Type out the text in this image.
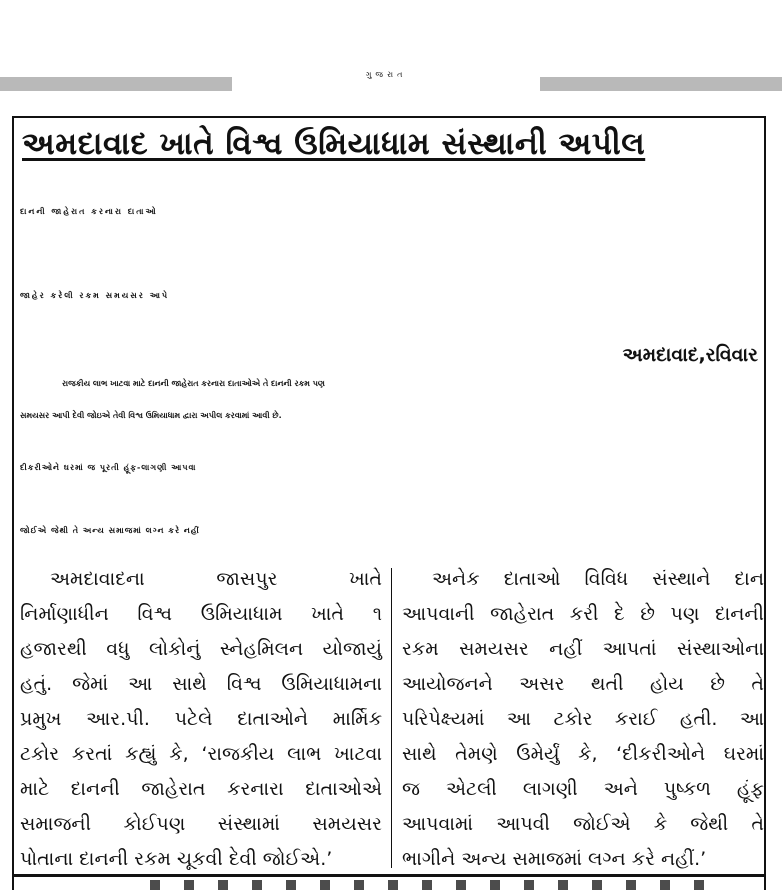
ગુજરાત
અમદાવાદ ખાતે વિશ્વ ઉમિયાધામ સંસ્થાની અપીલ
દાનની જાહેરાત કરનારા દાતાઓ
જાહેર કરેલી રકમ સમયસર આપે
અમદાવાદ,રવિવાર
રાજકીય લાભ ખાટવા માટે દાનની જાહેરાત કરનારા દાતાઓએ તે દાનની રકમ પણ
સમયસર આપી દેવી જોઇએ તેવી વિશ્વ ઉમિયાધામ દ્વારા અપીલ કરવામાં આવી છે.
દીકરીઓને ઘરમાં જ પૂરતી હૂંફ-લાગણી આપવા
જોઈએ જેથી તે અન્ય સમાજમાં લગ્ન કરે નહીં
અમદાવાદના જાસપુર ખાતે
નિર્માણાધીન વિશ્વ ઉમિયાધામ ખાતે ૧
હજારથી વધુ લોકોનું સ્નેહમિલન યોજાયું
હતું. જેમાં આ સાથે વિશ્વ ઉમિયાધામના
પ્રમુખ આર.પી. પટેલે દાતાઓને માર્મિક
ટકોર કરતાં કહ્યું કે, ‘રાજકીય લાભ ખાટવા
માટે દાનની જાહેરાત કરનારા દાતાઓએ
સમાજની કોઈપણ સંસ્થામાં સમયસર
પોતાના દાનની રકમ ચૂકવી દેવી જોઈએ.’
અનેક દાતાઓ વિવિધ સંસ્થાને દાન
આપવાની જાહેરાત કરી દે છે પણ દાનની
રકમ સમયસર નહીં આપતાં સંસ્થાઓના
આયોજનને અસર થતી હોય છે તે
પરિપેક્ષ્યમાં આ ટકોર કરાઈ હતી. આ
સાથે તેમણે ઉમેર્યું કે, ‘દીકરીઓને ઘરમાં
જ એટલી લાગણી અને પુષ્કળ હૂંફ
આપવામાં આપવી જોઈએ કે જેથી તે
ભાગીને અન્ય સમાજમાં લગ્ન કરે નહીં.’
